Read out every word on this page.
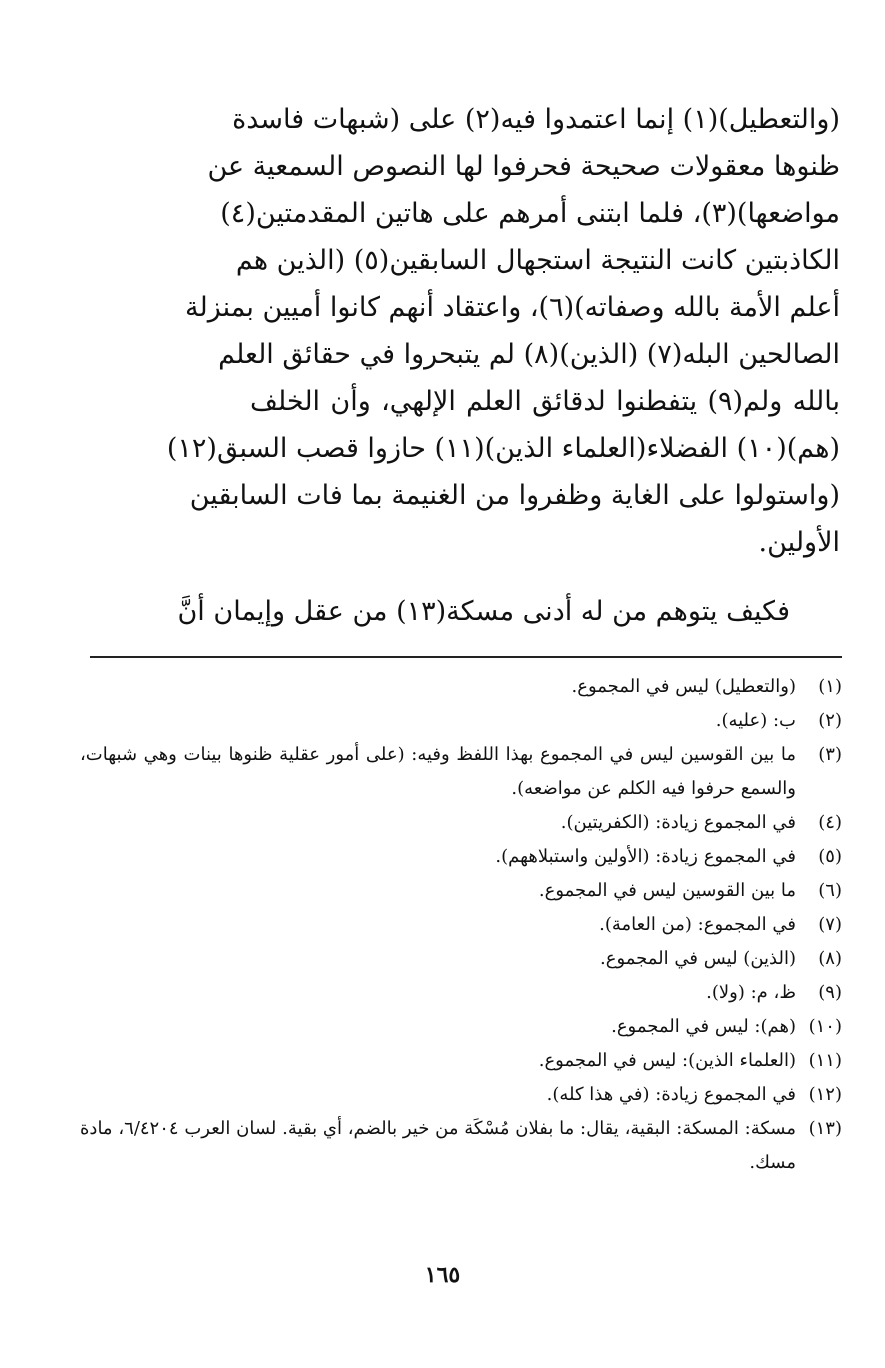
(والتعطيل)(١) إنما اعتمدوا فيه(٢) على (شبهات فاسدة
ظنوها معقولات صحيحة فحرفوا لها النصوص السمعية عن
مواضعها)(٣)، فلما ابتنى أمرهم على هاتين المقدمتين(٤)
الكاذبتين كانت النتيجة استجهال السابقين(٥) (الذين هم
أعلم الأمة بالله وصفاته)(٦)، واعتقاد أنهم كانوا أميين بمنزلة
الصالحين البله(٧) (الذين)(٨) لم يتبحروا في حقائق العلم
بالله ولم(٩) يتفطنوا لدقائق العلم الإلهي، وأن الخلف
(هم)(١٠) الفضلاء(العلماء الذين)(١١) حازوا قصب السبق(١٢)
(واستولوا على الغاية وظفروا من الغنيمة بما فات السابقين
الأولين.
فكيف يتوهم من له أدنى مسكة(١٣) من عقل وإيمان أنَّ
(١)
(والتعطيل) ليس في المجموع.
(٢)
ب: (عليه).
(٣)
ما بين القوسين ليس في المجموع بهذا اللفظ وفيه: (على أمور عقلية ظنوها بينات وهي شبهات، والسمع حرفوا فيه الكلم عن مواضعه).
(٤)
في المجموع زيادة: (الكفريتين).
(٥)
في المجموع زيادة: (الأولين واستبلاههم).
(٦)
ما بين القوسين ليس في المجموع.
(٧)
في المجموع: (من العامة).
(٨)
(الذين) ليس في المجموع.
(٩)
ظ، م: (ولا).
(١٠)
(هم): ليس في المجموع.
(١١)
(العلماء الذين): ليس في المجموع.
(١٢)
في المجموع زيادة: (في هذا كله).
(١٣)
مسكة: المسكة: البقية، يقال: ما بفلان مُسْكَة من خير بالضم، أي بقية. لسان العرب ٦/٤٢٠٤، مادة مسك.
١٦٥
